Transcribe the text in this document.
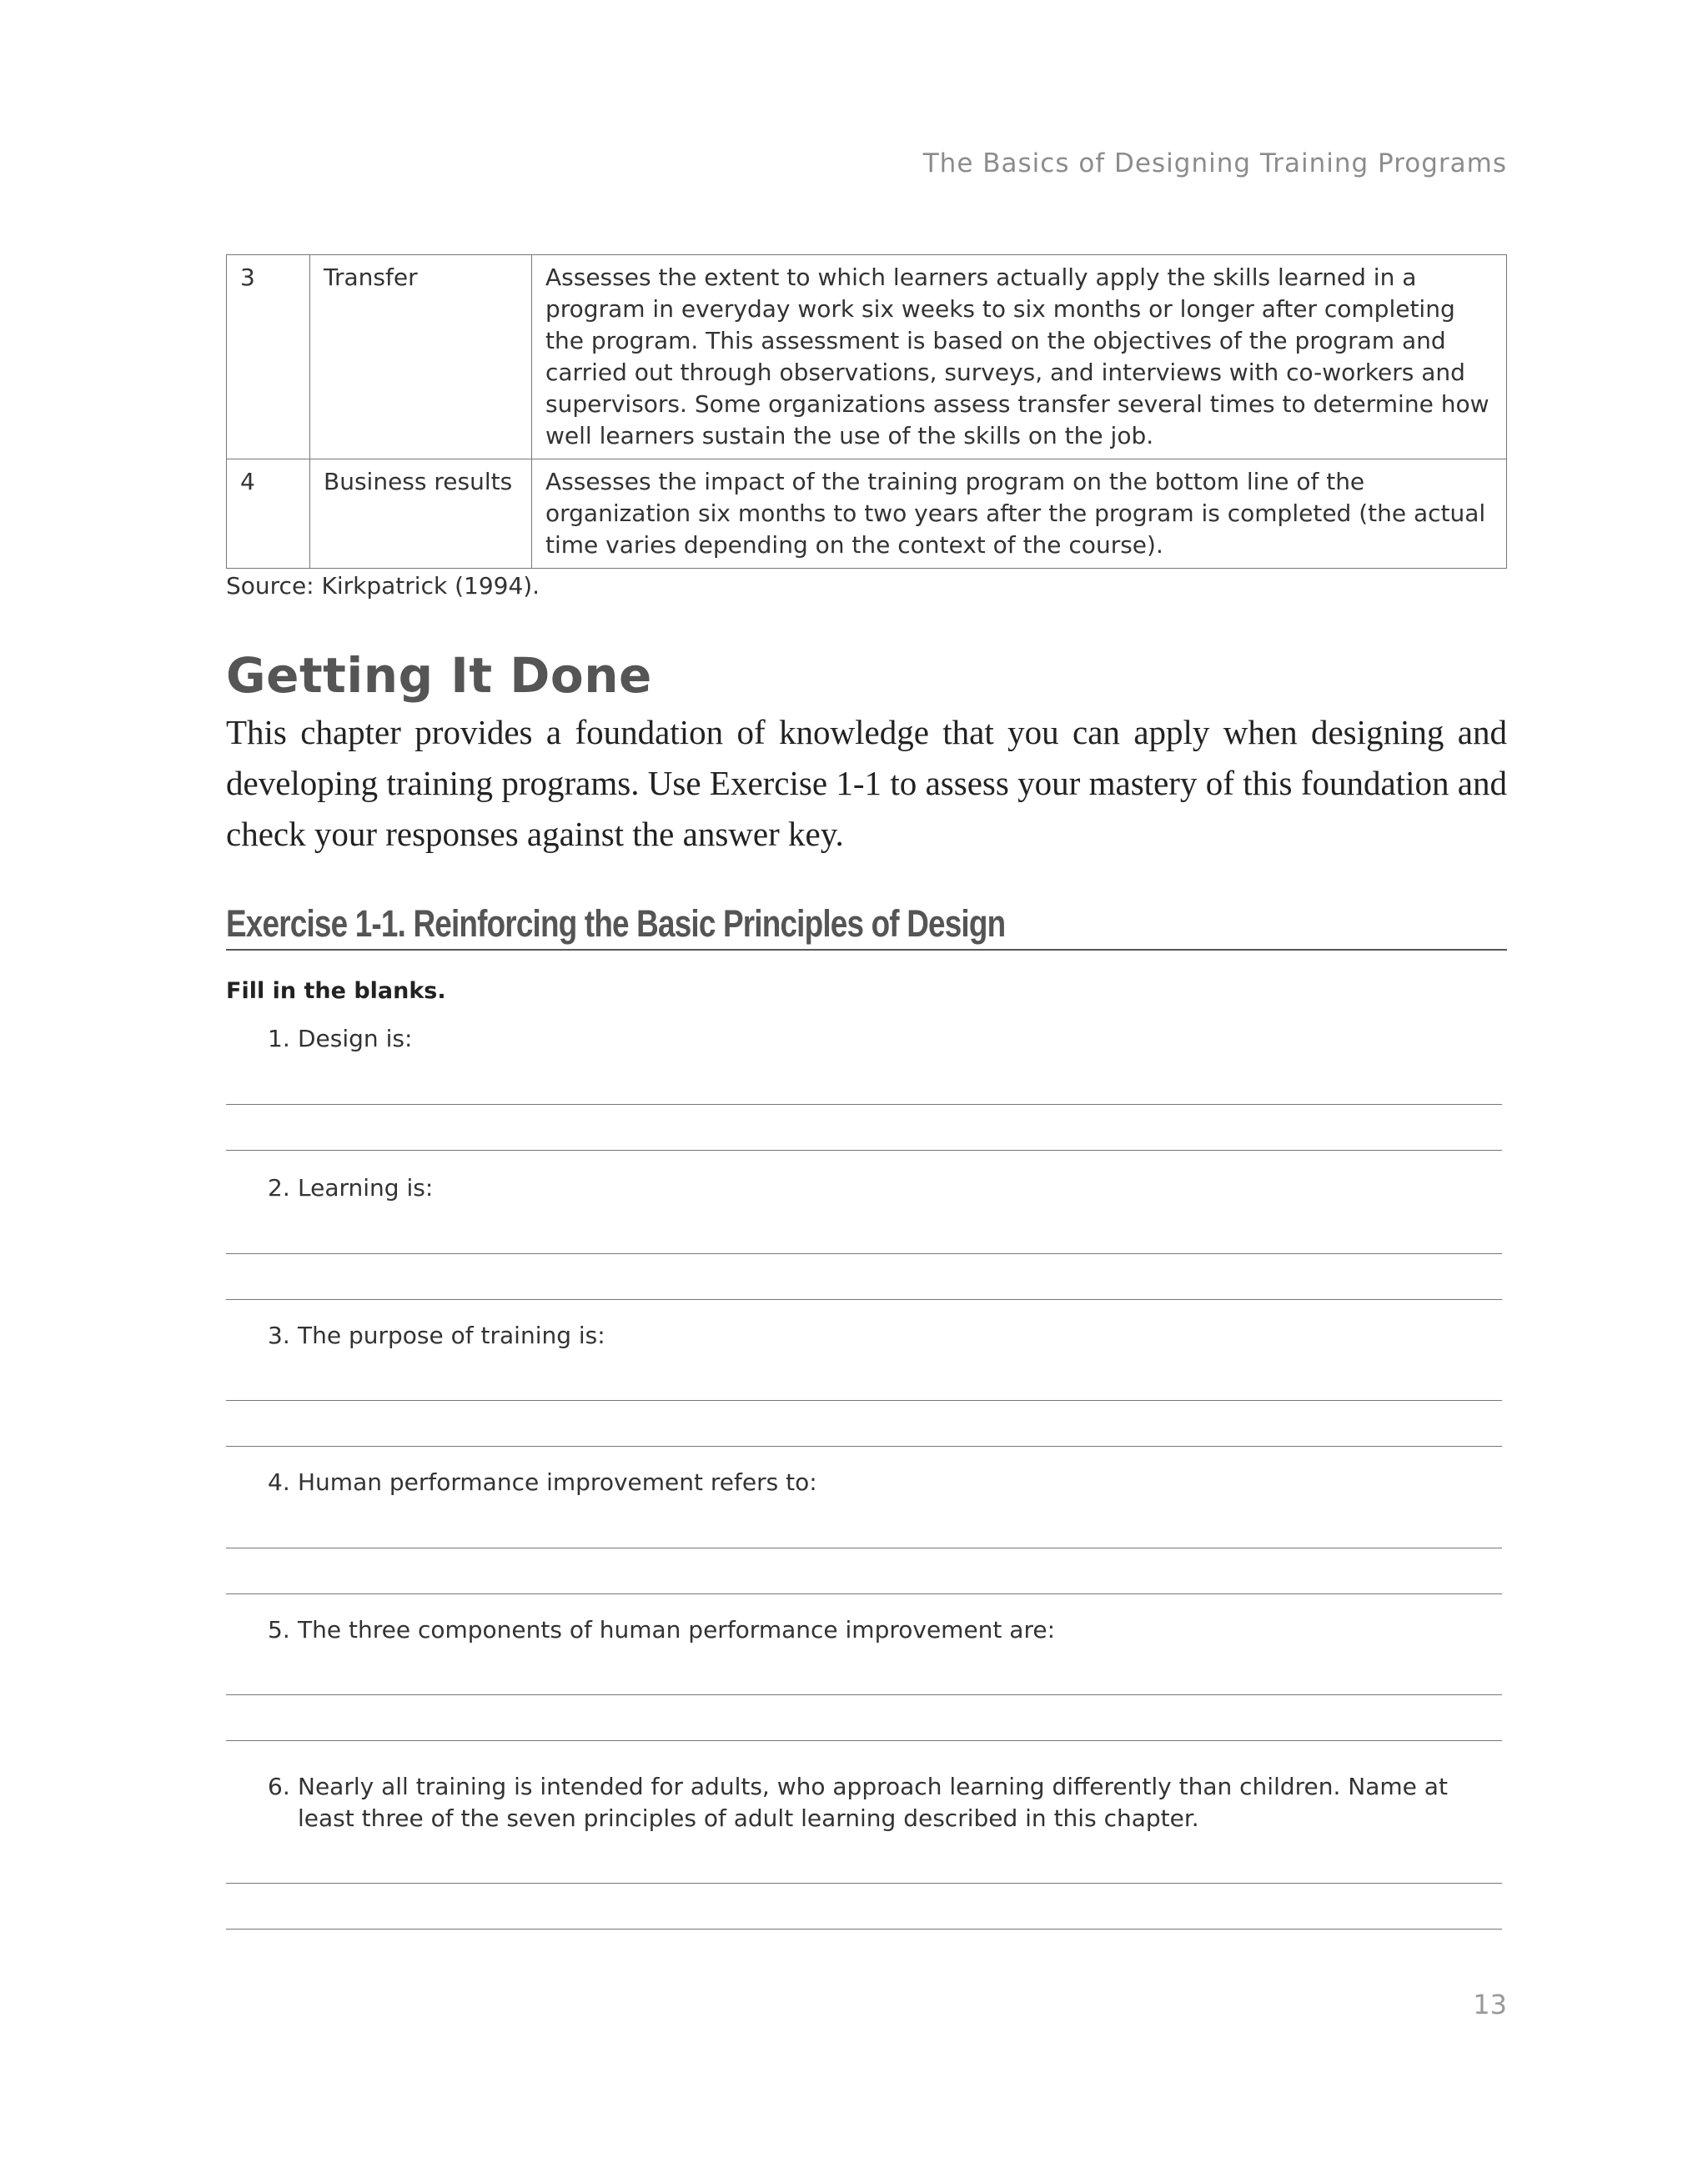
The Basics of Designing Training Programs
3	Transfer	Assesses the extent to which learners actually apply the skills learned in a program in everyday work six weeks to six months or longer after completing the program. This assessment is based on the objectives of the program and carried out through observations, surveys, and interviews with co-workers and supervisors. Some organizations assess transfer several times to determine how well learners sustain the use of the skills on the job.
4	Business results	Assesses the impact of the training program on the bottom line of the organization six months to two years after the program is completed (the actual time varies depending on the context of the course).
Source: Kirkpatrick (1994).
Getting It Done

This chapter provides a foundation of knowledge that you can apply when designing and developing training programs. Use Exercise 1-1 to assess your mastery of this foundation and check your responses against the answer key.

Exercise 1-1. Reinforcing the Basic Principles of Design
Fill in the blanks.
1. Design is:
2. Learning is:
3. The purpose of training is:
4. Human performance improvement refers to:
5. The three components of human performance improvement are:
6. Nearly all training is intended for adults, who approach learning differently than children. Name at least three of the seven principles of adult learning described in this chapter.
13
